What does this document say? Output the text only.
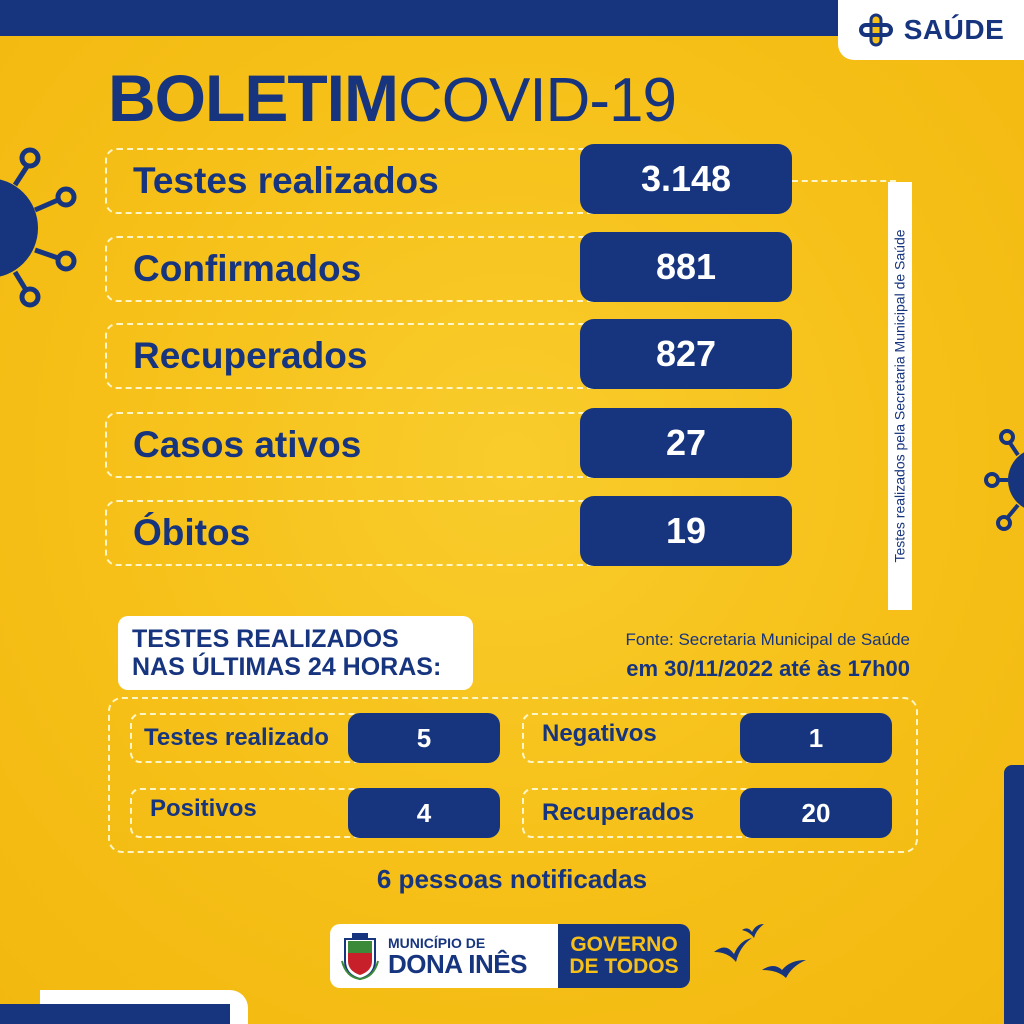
SAÚDE
BOLETIM COVID-19
Testes realizados	3.148
Confirmados	881
Recuperados	827
Casos ativos	27
Óbitos	19	Testes realizados pela Secretaria Municipal de Saúde
TESTES REALIZADOS
NAS ÚLTIMAS 24 HORAS:
Fonte: Secretaria Municipal de Saúde
em 30/11/2022 até às 17h00
Testes realizado	5	Negativos	1
Positivos	4	Recuperados	20
6 pessoas notificadas
MUNICÍPIO DE
DONA INÊS
GOVERNO
DE TODOS
